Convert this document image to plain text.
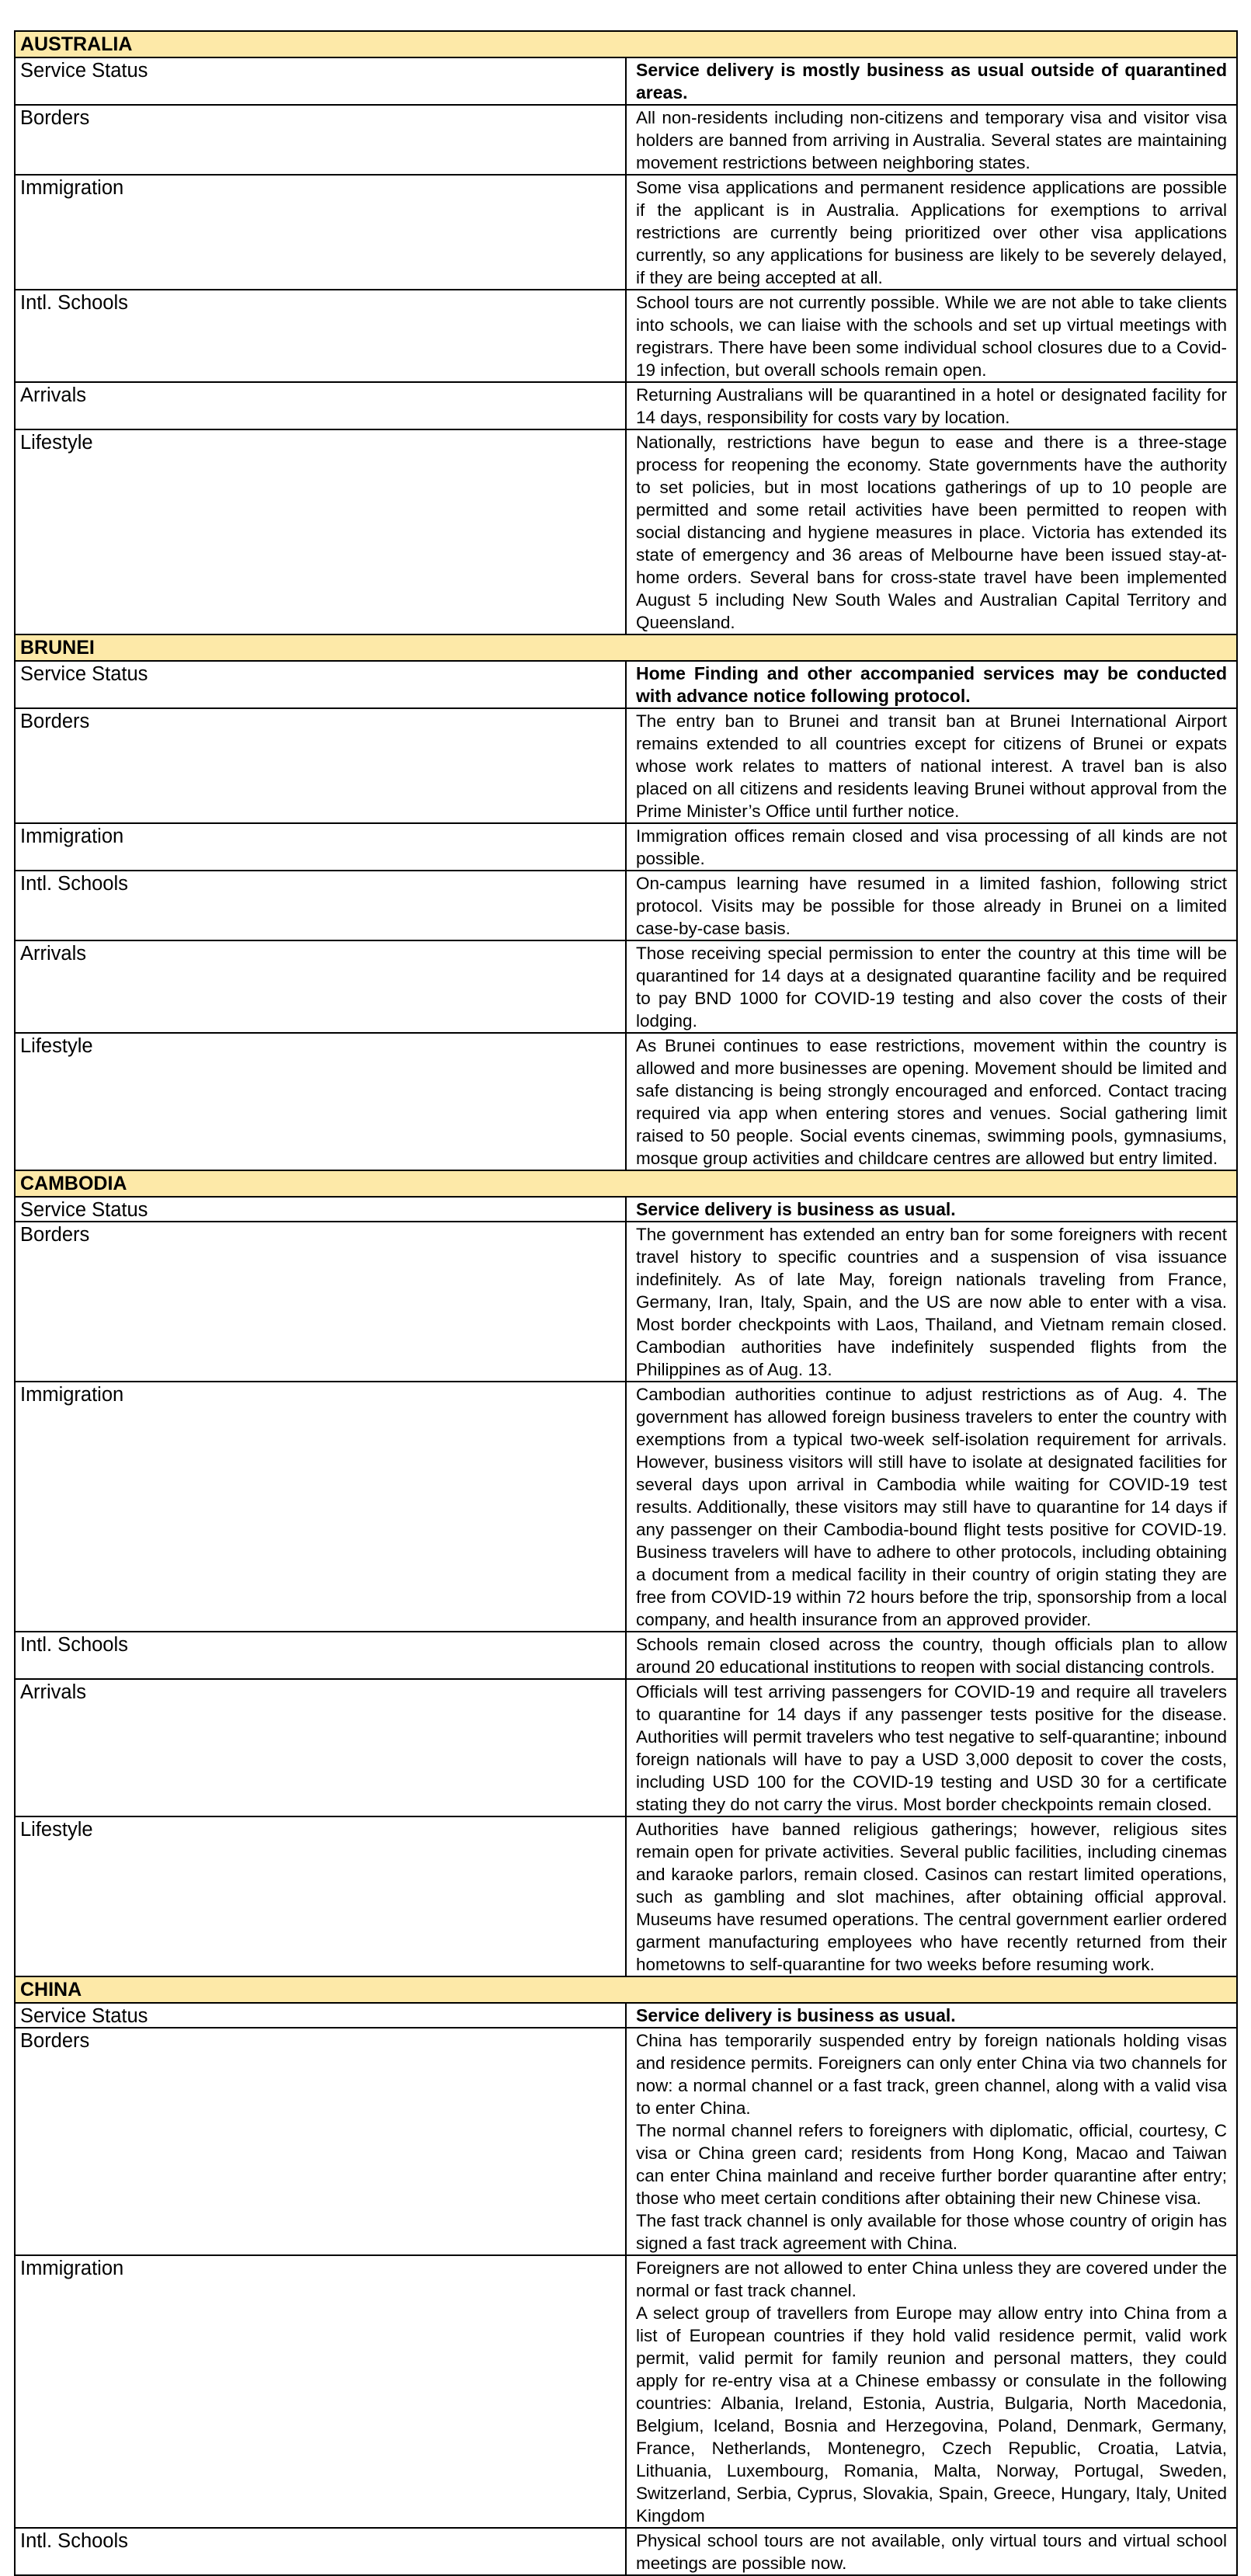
AUSTRALIA	
Service Status	Service delivery is mostly business as usual outside of quarantined areas.

Borders	All non-residents including non-citizens and temporary visa and visitor visa holders are banned from arriving in Australia. Several states are maintaining movement restrictions between neighboring states.

Immigration	Some visa applications and permanent residence applications are possible if the applicant is in Australia. Applications for exemptions to arrival restrictions are currently being prioritized over other visa applications currently, so any applications for business are likely to be severely delayed, if they are being accepted at all.

Intl. Schools	School tours are not currently possible. While we are not able to take clients into schools, we can liaise with the schools and set up virtual meetings with registrars. There have been some individual school closures due to a Covid-19 infection, but overall schools remain open.

Arrivals	Returning Australians will be quarantined in a hotel or designated facility for 14 days, responsibility for costs vary by location.

Lifestyle	Nationally, restrictions have begun to ease and there is a three-stage process for reopening the economy. State governments have the authority to set policies, but in most locations gatherings of up to 10 people are permitted and some retail activities have been permitted to reopen with social distancing and hygiene measures in place. Victoria has extended its state of emergency and 36 areas of Melbourne have been issued stay-at-home orders. Several bans for cross-state travel have been implemented August 5 including New South Wales and Australian Capital Territory and Queensland.

BRUNEI	
Service Status	Home Finding and other accompanied services may be conducted with advance notice following protocol.

Borders	The entry ban to Brunei and transit ban at Brunei International Airport remains extended to all countries except for citizens of Brunei or expats whose work relates to matters of national interest. A travel ban is also placed on all citizens and residents leaving Brunei without approval from the Prime Minister’s Office until further notice.

Immigration	Immigration offices remain closed and visa processing of all kinds are not possible.

Intl. Schools	On-campus learning have resumed in a limited fashion, following strict protocol. Visits may be possible for those already in Brunei on a limited case-by-case basis.

Arrivals	Those receiving special permission to enter the country at this time will be quarantined for 14 days at a designated quarantine facility and be required to pay BND 1000 for COVID-19 testing and also cover the costs of their lodging.

Lifestyle	As Brunei continues to ease restrictions, movement within the country is allowed and more businesses are opening. Movement should be limited and safe distancing is being strongly encouraged and enforced. Contact tracing required via app when entering stores and venues. Social gathering limit raised to 50 people. Social events cinemas, swimming pools, gymnasiums, mosque group activities and childcare centres are allowed but entry limited.

CAMBODIA	
Service Status	Service delivery is business as usual.

Borders	The government has extended an entry ban for some foreigners with recent travel history to specific countries and a suspension of visa issuance indefinitely. As of late May, foreign nationals traveling from France, Germany, Iran, Italy, Spain, and the US are now able to enter with a visa. Most border checkpoints with Laos, Thailand, and Vietnam remain closed. Cambodian authorities have indefinitely suspended flights from the Philippines as of Aug. 13.

Immigration	Cambodian authorities continue to adjust restrictions as of Aug. 4. The government has allowed foreign business travelers to enter the country with exemptions from a typical two-week self-isolation requirement for arrivals. However, business visitors will still have to isolate at designated facilities for several days upon arrival in Cambodia while waiting for COVID-19 test results. Additionally, these visitors may still have to quarantine for 14 days if any passenger on their Cambodia-bound flight tests positive for COVID-19. Business travelers will have to adhere to other protocols, including obtaining a document from a medical facility in their country of origin stating they are free from COVID-19 within 72 hours before the trip, sponsorship from a local company, and health insurance from an approved provider.

Intl. Schools	Schools remain closed across the country, though officials plan to allow around 20 educational institutions to reopen with social distancing controls.

Arrivals	Officials will test arriving passengers for COVID-19 and require all travelers to quarantine for 14 days if any passenger tests positive for the disease. Authorities will permit travelers who test negative to self-quarantine; inbound foreign nationals will have to pay a USD 3,000 deposit to cover the costs, including USD 100 for the COVID-19 testing and USD 30 for a certificate stating they do not carry the virus. Most border checkpoints remain closed.

Lifestyle	Authorities have banned religious gatherings; however, religious sites remain open for private activities. Several public facilities, including cinemas and karaoke parlors, remain closed. Casinos can restart limited operations, such as gambling and slot machines, after obtaining official approval. Museums have resumed operations. The central government earlier ordered garment manufacturing employees who have recently returned from their hometowns to self-quarantine for two weeks before resuming work.

CHINA	
Service Status	Service delivery is business as usual.

Borders	China has temporarily suspended entry by foreign nationals holding visas and residence permits. Foreigners can only enter China via two channels for now: a normal channel or a fast track, green channel, along with a valid visa to enter China.

The normal channel refers to foreigners with diplomatic, official, courtesy, C visa or China green card; residents from Hong Kong, Macao and Taiwan can enter China mainland and receive further border quarantine after entry; those who meet certain conditions after obtaining their new Chinese visa.

The fast track channel is only available for those whose country of origin has signed a fast track agreement with China.

Immigration	Foreigners are not allowed to enter China unless they are covered under the normal or fast track channel.

A select group of travellers from Europe may allow entry into China from a list of European countries if they hold valid residence permit, valid work permit, valid permit for family reunion and personal matters, they could apply for re-entry visa at a Chinese embassy or consulate in the following countries: Albania, Ireland, Estonia, Austria, Bulgaria, North Macedonia, Belgium, Iceland, Bosnia and Herzegovina, Poland, Denmark, Germany, France, Netherlands, Montenegro, Czech Republic, Croatia, Latvia, Lithuania, Luxembourg, Romania, Malta, Norway, Portugal, Sweden, Switzerland, Serbia, Cyprus, Slovakia, Spain, Greece, Hungary, Italy, United Kingdom

Intl. Schools	Physical school tours are not available, only virtual tours and virtual school meetings are possible now.
